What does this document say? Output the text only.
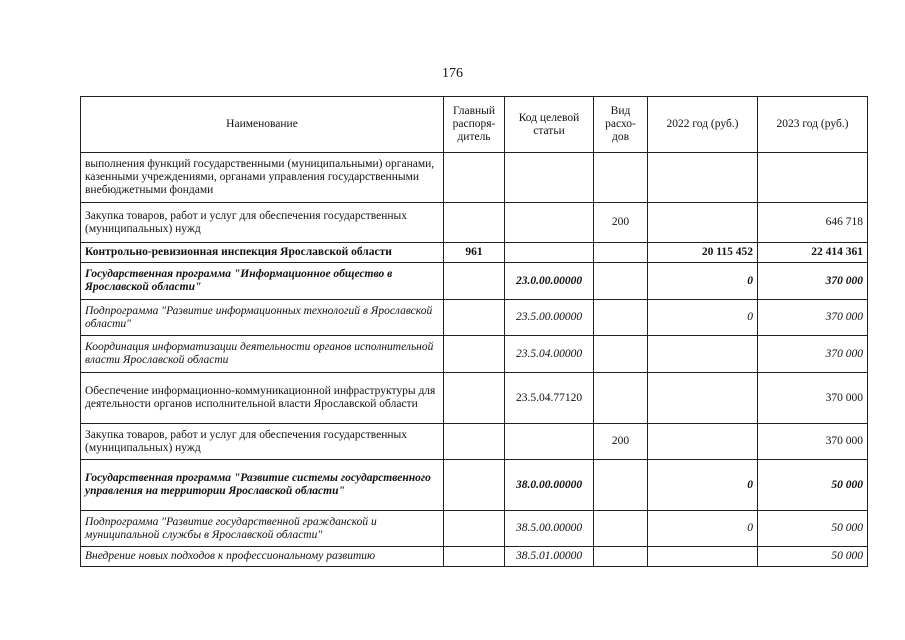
176
Наименование	Главный распоря-дитель	Код целевой статьи	Вид расхо-дов	2022 год (руб.)	2023 год (руб.)
выполнения функций государственными (муниципальными) органами, казенными учреждениями, органами управления государственными внебюджетными фондами					
Закупка товаров, работ и услуг для обеспечения государственных (муниципальных) нужд			200		646 718
Контрольно-ревизионная инспекция Ярославской области	961			20 115 452	22 414 361
Государственная программа "Информационное общество в Ярославской области"		23.0.00.00000		0	370 000
Подпрограмма "Развитие информационных технологий в Ярославской области"		23.5.00.00000		0	370 000
Координация информатизации деятельности органов исполнительной власти Ярославской области		23.5.04.00000			370 000
Обеспечение информационно-коммуникационной инфраструктуры для деятельности органов исполнительной власти Ярославской области		23.5.04.77120			370 000
Закупка товаров, работ и услуг для обеспечения государственных (муниципальных) нужд			200		370 000
Государственная программа "Развитие системы государственного управления на территории Ярославской области"		38.0.00.00000		0	50 000
Подпрограмма "Развитие государственной гражданской и муниципальной службы в Ярославской области"		38.5.00.00000		0	50 000
Внедрение новых подходов к профессиональному развитию		38.5.01.00000			50 000
